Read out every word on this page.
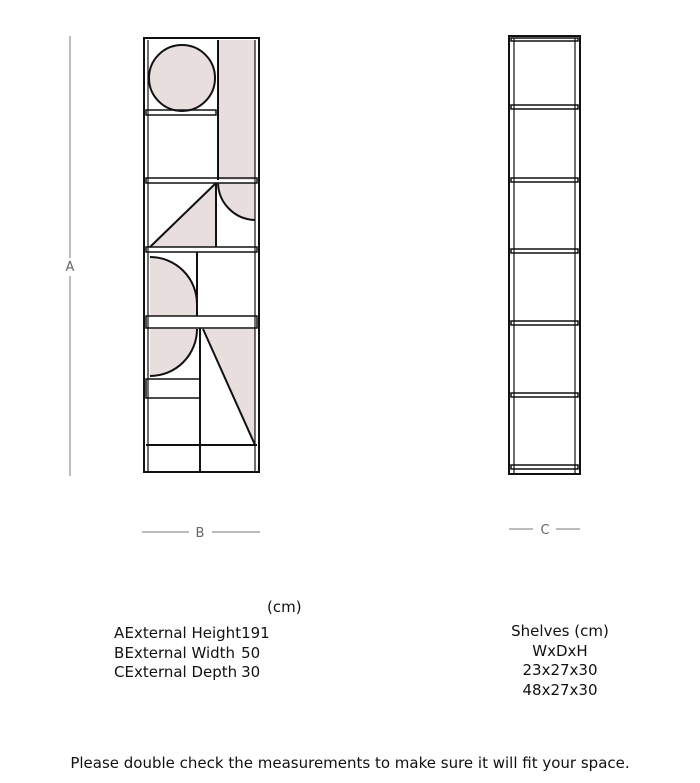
A
B	C
(cm)
A	External Height	191
B	External Width	50
C	External Depth	30
Shelves (cm)
WxDxH
23x27x30
48x27x30
Please double check the measurements to make sure it will fit your space.
